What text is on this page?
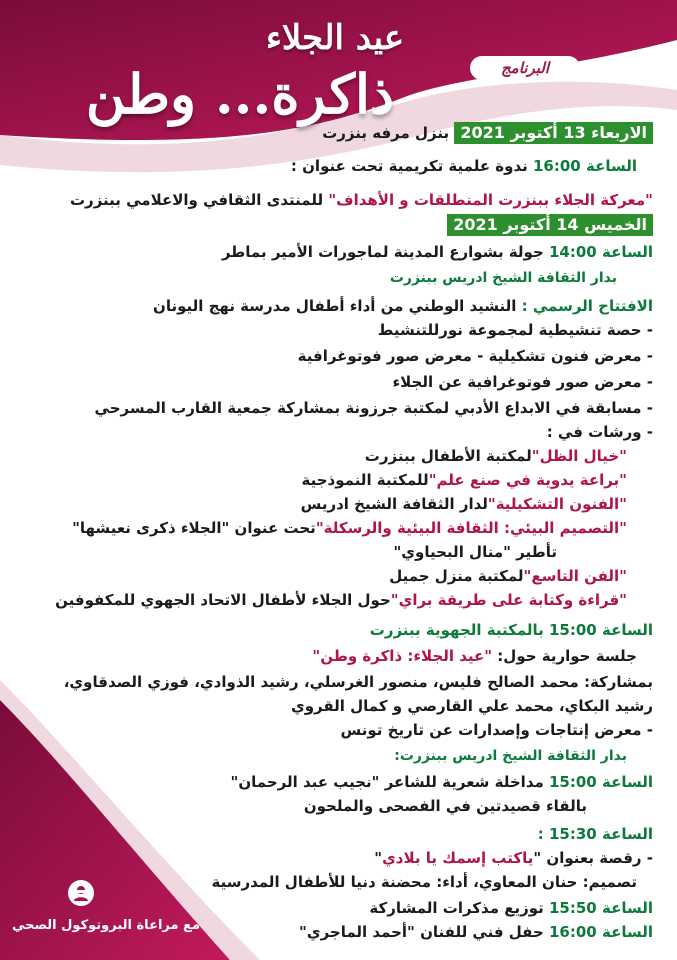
عيد الجلاء
ذاكرة... وطن	البرنامج
الاربعاء 13 أكتوبر 2021 بنزل مرفه بنزرت
الساعة 16:00 ندوة علمية تكريمية تحت عنوان :
"معركة الجلاء ببنزرت المنطلقات و الأهداف" للمنتدى الثقافي والاعلامي ببنزرت
الخميس 14 أكتوبر 2021
الساعة 14:00 جولة بشوارع المدينة لماجورات الأمير بماطر
بدار الثقافة الشيخ ادريس ببنزرت
الافتتاح الرسمي : النشيد الوطني من أداء أطفال مدرسة نهج اليونان
- حصة تنشيطية لمجموعة نورللتنشيط
- معرض فنون تشكيلية - معرض صور فوتوغرافية
- معرض صور فوتوغرافية عن الجلاء
- مسابقة في الابداع الأدبي لمكتبة جرزونة بمشاركة جمعية القارب المسرحي
- ورشات في :
"خيال الظل"لمكتبة الأطفال ببنزرت
"براعة يدوية في صنع علم"للمكتبة النموذجية
"الفنون التشكيلية"لدار الثقافة الشيخ ادريس
"التصميم البيئي: الثقافة البيئية والرسكلة"تحت عنوان "الجلاء ذكرى نعيشها"
تأطير "منال البحياوي"
"الفن التاسع"لمكتبة منزل جميل
"قراءة وكتابة على طريقة براي"حول الجلاء لأطفال الاتحاد الجهوي للمكفوفين
الساعة 15:00 بالمكتبة الجهوية ببنزرت
جلسة حوارية حول: "عيد الجلاء: ذاكرة وطن"
بمشاركة: محمد الصالح فليس، منصور الغرسلي، رشيد الذوادي، فوزي الصدقاوي،
رشيد البكاي، محمد علي القارصي و كمال القروي
- معرض إنتاجات وإصدارات عن تاريخ تونس
بدار الثقافة الشيخ ادريس ببنزرت:
الساعة 15:00 مداخلة شعرية للشاعر "نجيب عبد الرحمان"
بالقاء قصيدتين في الفصحى والملحون
الساعة 15:30 :
- رقصة بعنوان "ياكتب إسمك يا بلادي"
تصميم: حنان المعاوي، أداء: محضنة دنيا للأطفال المدرسية
الساعة 15:50 توزيع مذكرات المشاركة
الساعة 16:00 حفل فني للفنان "أحمد الماجري"
مع مراعاة البروتوكول الصحي
